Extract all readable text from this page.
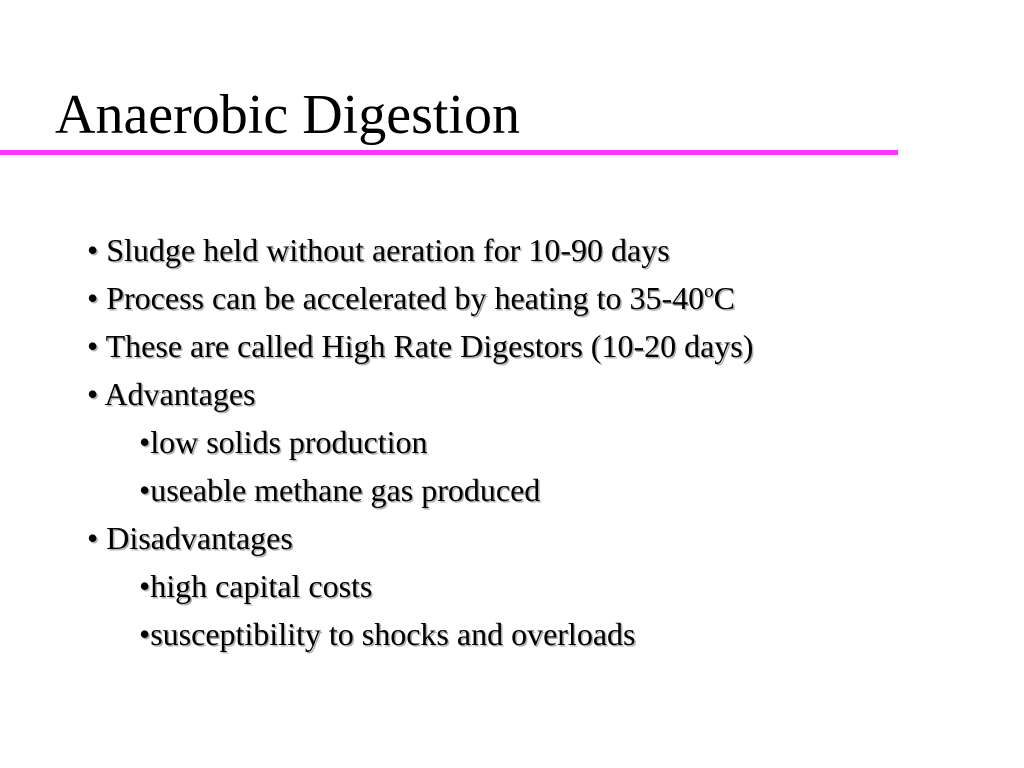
Anaerobic Digestion
• Sludge held without aeration for 10-90 days
• Process can be accelerated by heating to 35-40$^o$C
• These are called High Rate Digestors (10-20 days)
• Advantages
•low solids production
•useable methane gas produced
• Disadvantages
•high capital costs
•susceptibility to shocks and overloads
